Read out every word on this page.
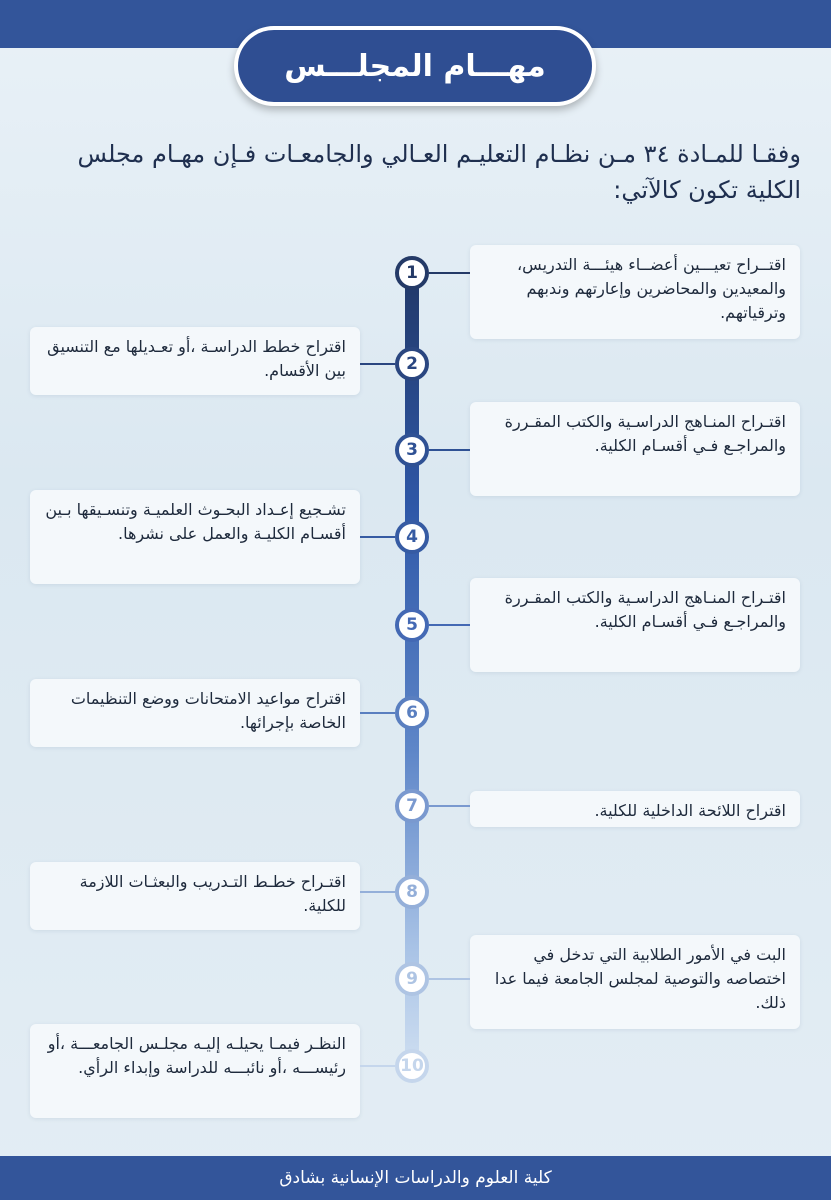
مهـــام المجلـــس
وفقـا للمـادة ٣٤ مـن نظـام التعليـم العـالي والجامعـات فـإن مهـام مجلس الكلية تكون كالآتي:
اقتــراح تعيـــين أعضــاء هيئـــة التدريس، والمعيدين والمحاضرين وإعارتهم وندبهم وترقياتهم.
1
اقتراح خطط الدراسـة ،أو تعـديلها مع التنسيق بين الأقسام.	2
اقتـراح المنـاهج الدراسـية والكتب المقـررة والمراجـع فـي أقسـام الكلية.
3
تشـجيع إعـداد البحـوث العلميـة وتنسـيقها بـين أقسـام الكليـة والعمل على نشرها.	4
اقتـراح المنـاهج الدراسـية والكتب المقـررة والمراجـع فـي أقسـام الكلية.
5
اقتراح مواعيد الامتحانات ووضع التنظيمات الخاصة بإجرائها.	6
اقتراح اللائحة الداخلية للكلية.
7
اقتـراح خطـط التـدريب والبعثـات اللازمة للكلية.
8
البت في الأمور الطلابية التي تدخل في اختصاصه والتوصية لمجلس الجامعة فيما عدا ذلك.
9
النظـر فيمـا يحيلـه إليـه مجلـس الجامعـــة ،أو رئيســـه ،أو نائبـــه للدراسة وإبداء الرأي.	10
كلية العلوم والدراسات الإنسانية بشادق
